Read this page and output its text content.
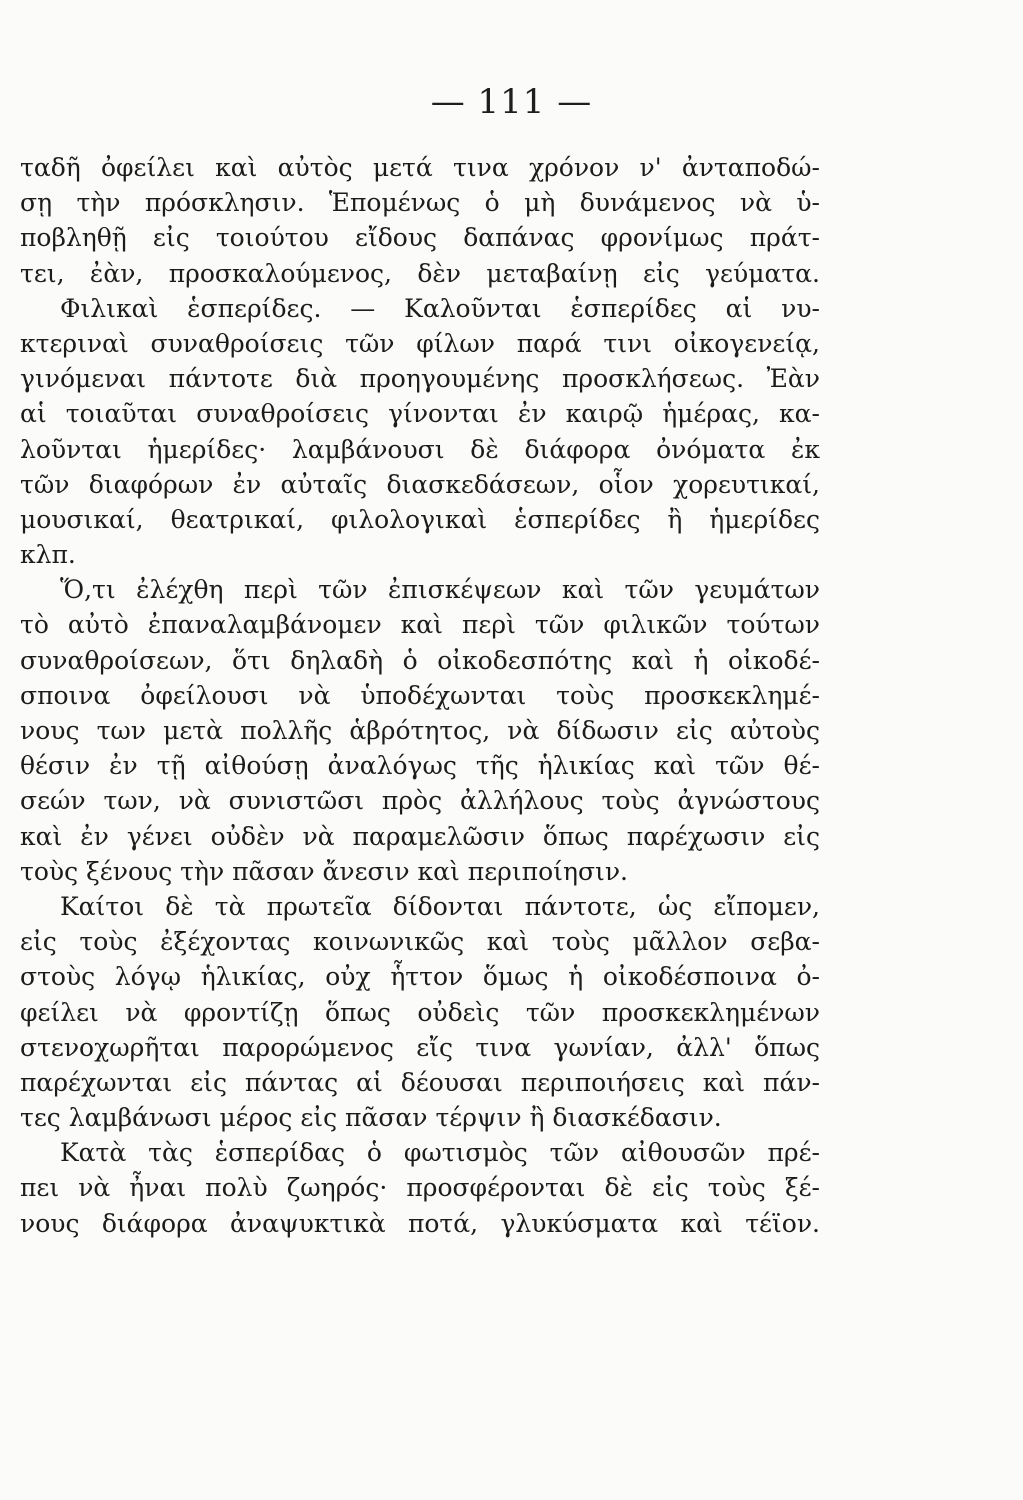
— 111 —
ταδῆ ὀφείλει καὶ αὐτὸς μετά τινα χρόνον ν' ἀνταποδώ-
σῃ τὴν πρόσκλησιν. Ἑπομένως ὁ μὴ δυνάμενος νὰ ὑ-
ποβληθῇ εἰς τοιούτου εἴδους δαπάνας φρονίμως πράτ-
τει, ἐὰν, προσκαλούμενος, δὲν μεταβαίνῃ εἰς γεύματα.
Φιλικαὶ ἑσπερίδες. — Καλοῦνται ἑσπερίδες αἱ νυ-
κτεριναὶ συναθροίσεις τῶν φίλων παρά τινι οἰκογενείᾳ,
γινόμεναι πάντοτε διὰ προηγουμένης προσκλήσεως. Ἐὰν
αἱ τοιαῦται συναθροίσεις γίνονται ἐν καιρῷ ἡμέρας, κα-
λοῦνται ἡμερίδες· λαμβάνουσι δὲ διάφορα ὀνόματα ἐκ
τῶν διαφόρων ἐν αὐταῖς διασκεδάσεων, οἷον χορευτικαί,
μουσικαί, θεατρικαί, φιλολογικαὶ ἑσπερίδες ἢ ἡμερίδες
κλπ.
Ὅ,τι ἐλέχθη περὶ τῶν ἐπισκέψεων καὶ τῶν γευμάτων
τὸ αὐτὸ ἐπαναλαμβάνομεν καὶ περὶ τῶν φιλικῶν τούτων
συναθροίσεων, ὅτι δηλαδὴ ὁ οἰκοδεσπότης καὶ ἡ οἰκοδέ-
σποινα ὀφείλουσι νὰ ὑποδέχωνται τοὺς προσκεκλημέ-
νους των μετὰ πολλῆς ἁβρότητος, νὰ δίδωσιν εἰς αὐτοὺς
θέσιν ἐν τῇ αἰθούσῃ ἀναλόγως τῆς ἡλικίας καὶ τῶν θέ-
σεών των, νὰ συνιστῶσι πρὸς ἀλλήλους τοὺς ἀγνώστους
καὶ ἐν γένει οὐδὲν νὰ παραμελῶσιν ὅπως παρέχωσιν εἰς
τοὺς ξένους τὴν πᾶσαν ἄνεσιν καὶ περιποίησιν.
Καίτοι δὲ τὰ πρωτεῖα δίδονται πάντοτε, ὡς εἴπομεν,
εἰς τοὺς ἐξέχοντας κοινωνικῶς καὶ τοὺς μᾶλλον σεβα-
στοὺς λόγῳ ἡλικίας, οὐχ ἧττον ὅμως ἡ οἰκοδέσποινα ὀ-
φείλει νὰ φροντίζῃ ὅπως οὐδεὶς τῶν προσκεκλημένων
στενοχωρῆται παρορώμενος εἴς τινα γωνίαν, ἀλλ' ὅπως
παρέχωνται εἰς πάντας αἱ δέουσαι περιποιήσεις καὶ πάν-
τες λαμβάνωσι μέρος εἰς πᾶσαν τέρψιν ἢ διασκέδασιν.
Κατὰ τὰς ἑσπερίδας ὁ φωτισμὸς τῶν αἰθουσῶν πρέ-
πει νὰ ἦναι πολὺ ζωηρός· προσφέρονται δὲ εἰς τοὺς ξέ-
νους διάφορα ἀναψυκτικὰ ποτά, γλυκύσματα καὶ τέϊον.
